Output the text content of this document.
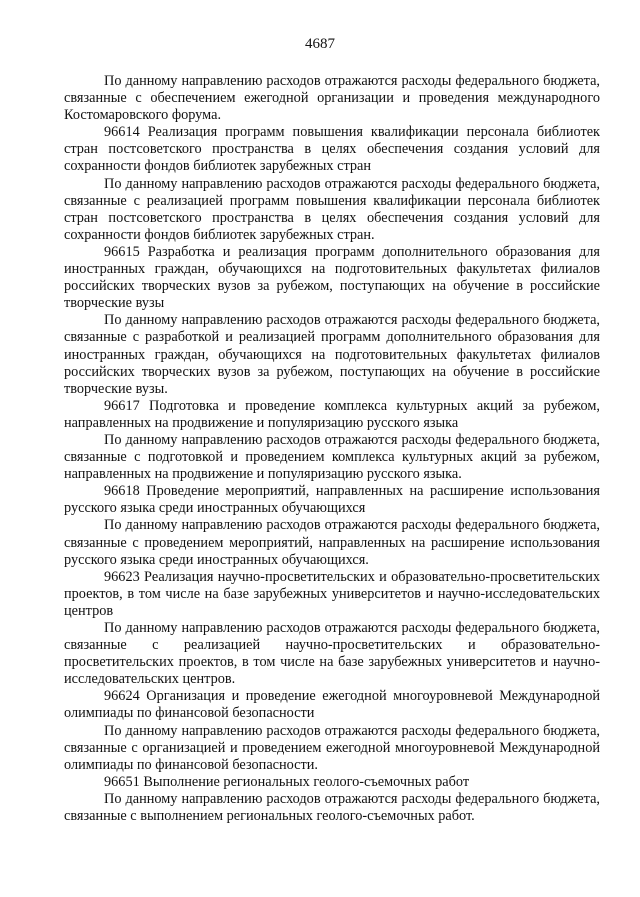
4687

По данному направлению расходов отражаются расходы федерального бюджета, связанные с обеспечением ежегодной организации и проведения международного Костомаровского форума.

96614 Реализация программ повышения квалификации персонала библиотек стран постсоветского пространства в целях обеспечения создания условий для сохранности фондов библиотек зарубежных стран

По данному направлению расходов отражаются расходы федерального бюджета, связанные с реализацией программ повышения квалификации персонала библиотек стран постсоветского пространства в целях обеспечения создания условий для сохранности фондов библиотек зарубежных стран.

96615 Разработка и реализация программ дополнительного образования для иностранных граждан, обучающихся на подготовительных факультетах филиалов российских творческих вузов за рубежом, поступающих на обучение в российские творческие вузы

По данному направлению расходов отражаются расходы федерального бюджета, связанные с разработкой и реализацией программ дополнительного образования для иностранных граждан, обучающихся на подготовительных факультетах филиалов российских творческих вузов за рубежом, поступающих на обучение в российские творческие вузы.

96617 Подготовка и проведение комплекса культурных акций за рубежом, направленных на продвижение и популяризацию русского языка

По данному направлению расходов отражаются расходы федерального бюджета, связанные с подготовкой и проведением комплекса культурных акций за рубежом, направленных на продвижение и популяризацию русского языка.

96618 Проведение мероприятий, направленных на расширение использования русского языка среди иностранных обучающихся

По данному направлению расходов отражаются расходы федерального бюджета, связанные с проведением мероприятий, направленных на расширение использования русского языка среди иностранных обучающихся.

96623 Реализация научно-просветительских и образовательно-просветительских проектов, в том числе на базе зарубежных университетов и научно-исследовательских центров

По данному направлению расходов отражаются расходы федерального бюджета, связанные с реализацией научно-просветительских и образовательно-просветительских проектов, в том числе на базе зарубежных университетов и научно-исследовательских центров.

96624 Организация и проведение ежегодной многоуровневой Международной олимпиады по финансовой безопасности

По данному направлению расходов отражаются расходы федерального бюджета, связанные с организацией и проведением ежегодной многоуровневой Международной олимпиады по финансовой безопасности.

96651 Выполнение региональных геолого-съемочных работ

По данному направлению расходов отражаются расходы федерального бюджета, связанные с выполнением региональных геолого-съемочных работ.
